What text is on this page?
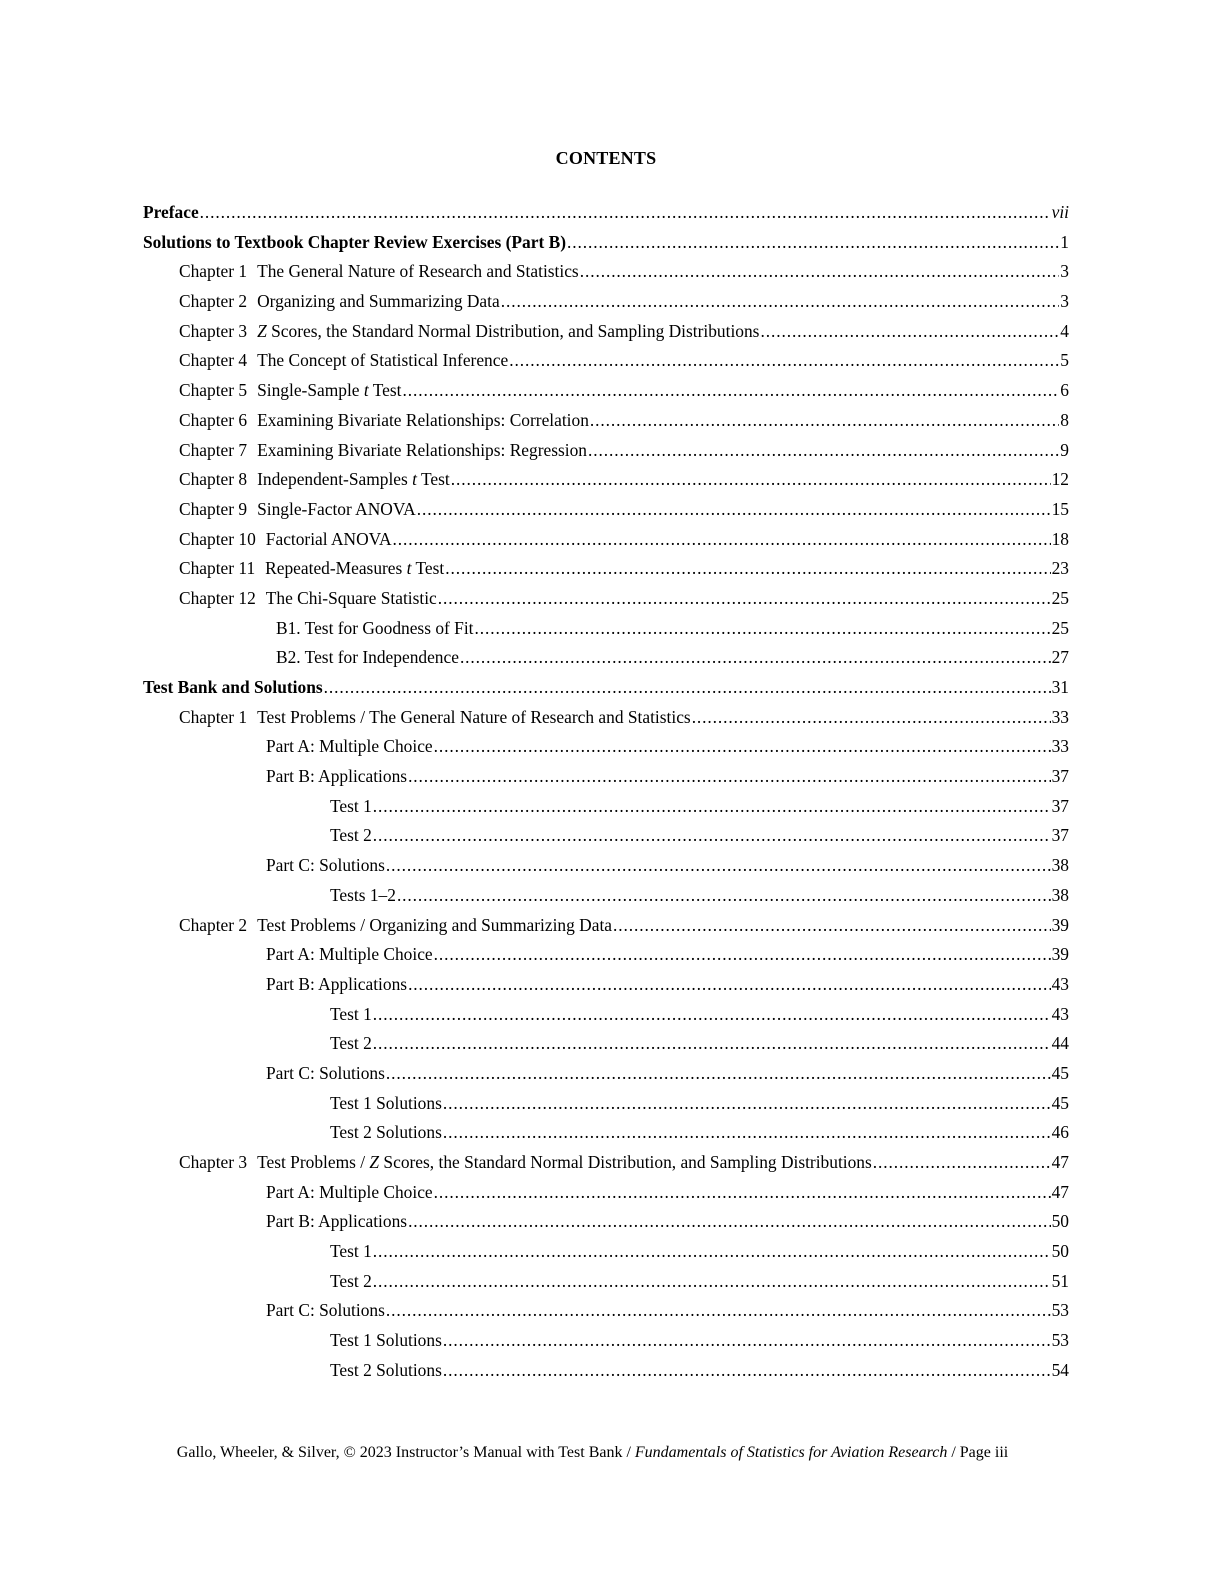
CONTENTS
Preface .....	vii
Solutions to Textbook Chapter Review Exercises (Part B) .....	1
Chapter 1 The General Nature of Research and Statistics .....	3
Chapter 2 Organizing and Summarizing Data .....	3
Chapter 3 Z Scores, the Standard Normal Distribution, and Sampling Distributions .....	4
Chapter 4 The Concept of Statistical Inference .....	5
Chapter 5 Single-Sample t Test .....	6
Chapter 6 Examining Bivariate Relationships: Correlation .....	8
Chapter 7 Examining Bivariate Relationships: Regression .....	9
Chapter 8 Independent-Samples t Test .....	12
Chapter 9 Single-Factor ANOVA .....	15
Chapter 10 Factorial ANOVA .....	18
Chapter 11 Repeated-Measures t Test .....	23
Chapter 12 The Chi-Square Statistic .....	25
B1. Test for Goodness of Fit .....	25
B2. Test for Independence .....	27
Test Bank and Solutions .....	31
Chapter 1 Test Problems / The General Nature of Research and Statistics .....	33
Part A: Multiple Choice .....	33
Part B: Applications .....	37
Test 1 .....	37
Test 2 .....	37
Part C: Solutions .....	38
Tests 1–2 .....	38
Chapter 2 Test Problems / Organizing and Summarizing Data .....	39
Part A: Multiple Choice .....	39
Part B: Applications .....	43
Test 1 .....	43
Test 2 .....	44
Part C: Solutions .....	45
Test 1 Solutions .....	45
Test 2 Solutions .....	46
Chapter 3 Test Problems / Z Scores, the Standard Normal Distribution, and Sampling Distributions .....	47
Part A: Multiple Choice .....	47
Part B: Applications .....	50
Test 1 .....	50
Test 2 .....	51
Part C: Solutions .....	53
Test 1 Solutions .....	53
Test 2 Solutions .....	54
Gallo, Wheeler, & Silver, © 2023 Instructor’s Manual with Test Bank / Fundamentals of Statistics for Aviation Research / Page iii
